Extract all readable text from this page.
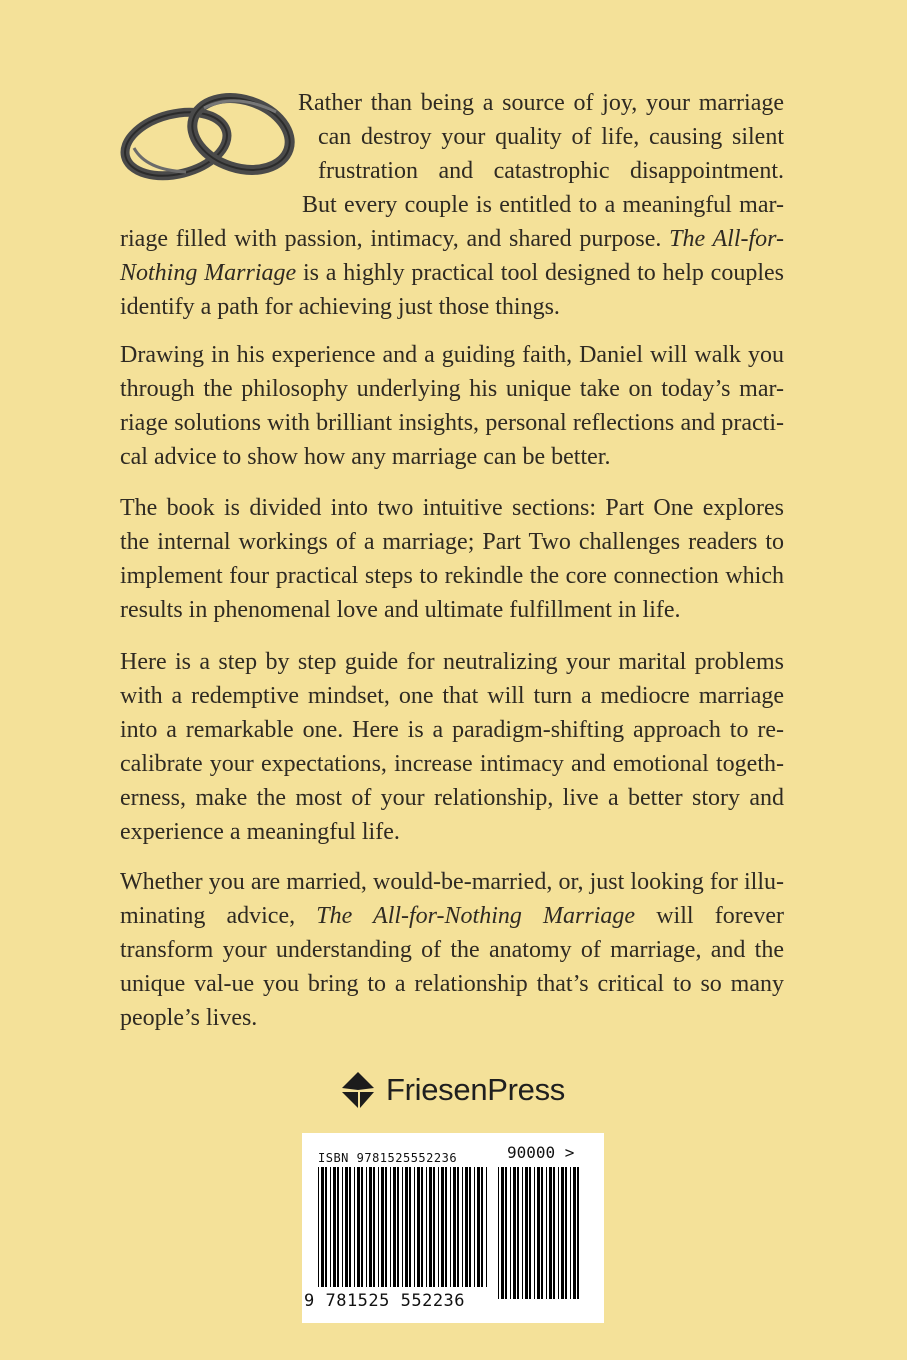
Rather than being a source of joy, your marriage
can destroy your quality of life, causing silent
frustration and catastrophic disappointment.
But every couple is entitled to a meaningful mar-
riage filled with passion, intimacy, and shared purpose. The All-for-
Nothing Marriage is a highly practical tool designed to help couples
identify a path for achieving just those things.

Drawing in his experience and a guiding faith, Daniel will walk you through the philosophy underlying his unique take on today’s mar-riage solutions with brilliant insights, personal reflections and practi-cal advice to show how any marriage can be better.

The book is divided into two intuitive sections: Part One explores the internal workings of a marriage; Part Two challenges readers to implement four practical steps to rekindle the core connection which results in phenomenal love and ultimate fulfillment in life.

Here is a step by step guide for neutralizing your marital problems with a redemptive mindset, one that will turn a mediocre marriage into a remarkable one. Here is a paradigm-shifting approach to re-calibrate your expectations, increase intimacy and emotional togeth-erness, make the most of your relationship, live a better story and experience a meaningful life.

Whether you are married, would-be-married, or, just looking for illu-minating advice, The All-for-Nothing Marriage will forever transform your understanding of the anatomy of marriage, and the unique val-ue you bring to a relationship that’s critical to so many people’s lives.

FriesenPress
ISBN 9781525552236	90000 >
9 781525 552236
